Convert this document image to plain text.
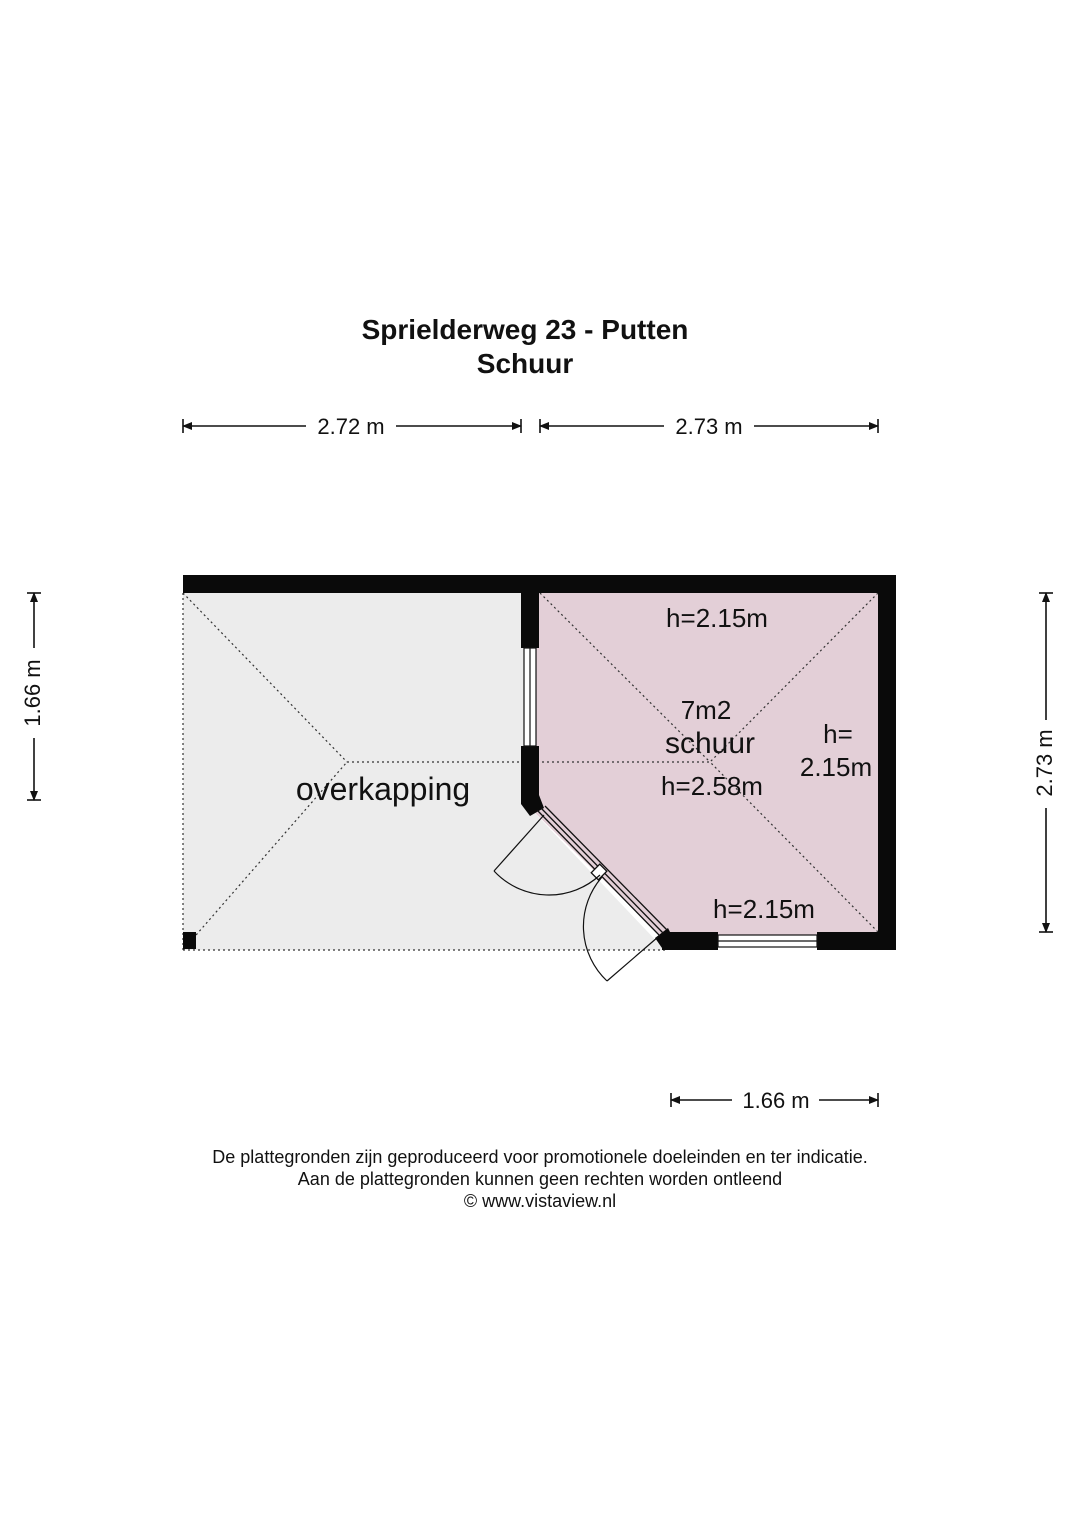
Sprielderweg 23 - Putten
Schuur
2.72 m	2.73 m
1.66 m
2.73 m
1.66 m
overkapping
h=2.15m
7m2
schuur
h=2.58m
h=
2.15m
h=2.15m
De plattegronden zijn geproduceerd voor promotionele doeleinden en ter indicatie.
Aan de plattegronden kunnen geen rechten worden ontleend
© www.vistaview.nl
